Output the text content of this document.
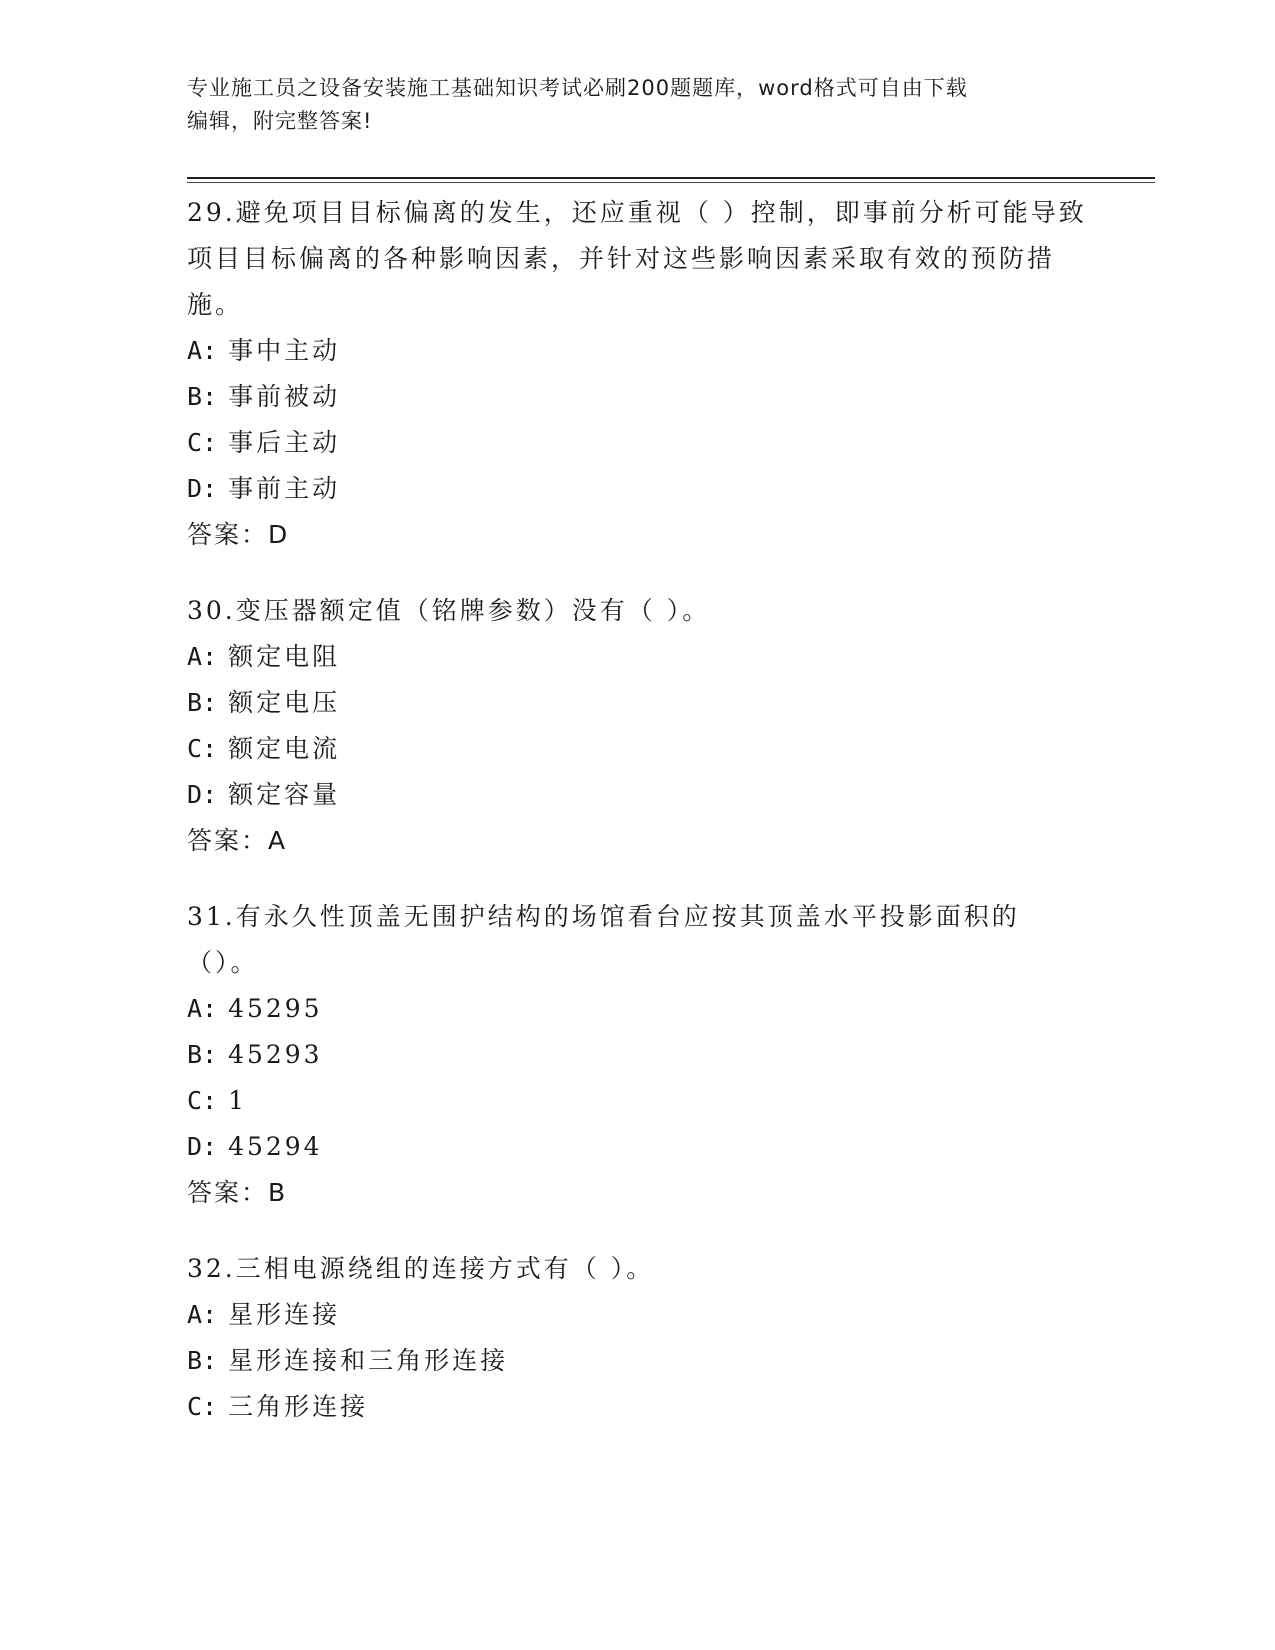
专业施工员之设备安装施工基础知识考试必刷200题题库，word格式可自由下载
编辑，附完整答案!

29.避免项目目标偏离的发生，还应重视（ ）控制，即事前分析可能导致项目目标偏离的各种影响因素，并针对这些影响因素采取有效的预防措施。

A: 事中主动

B: 事前被动

C: 事后主动

D: 事前主动

答案：D

30.变压器额定值（铭牌参数）没有（ ）。

A: 额定电阻

B: 额定电压

C: 额定电流

D: 额定容量

答案：A

31.有永久性顶盖无围护结构的场馆看台应按其顶盖水平投影面积的（）。

A: 45295

B: 45293

C: 1

D: 45294

答案：B

32.三相电源绕组的连接方式有（ ）。

A: 星形连接

B: 星形连接和三角形连接

C: 三角形连接
